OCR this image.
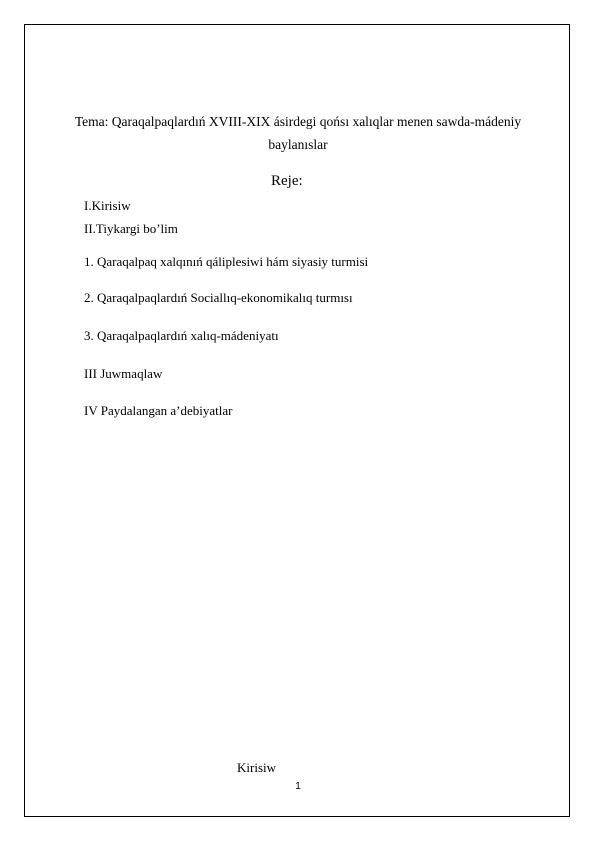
Tema: Qaraqalpaqlardıń XVIII-XIX ásirdegi qońsı xalıqlar menen sawda-mádeniy baylanıslar
Reje:
I.Kirisiw
II.Tiykargi bo’lim
1. Qaraqalpaq xalqınıń qáliplesiwi hám siyasiy turmisi
2. Qaraqalpaqlardıń Sociallıq-ekonomikalıq turmısı
3. Qaraqalpaqlardıń xalıq-mádeniyatı
III Juwmaqlaw
IV Paydalangan a’debiyatlar
Kirisiw
1
